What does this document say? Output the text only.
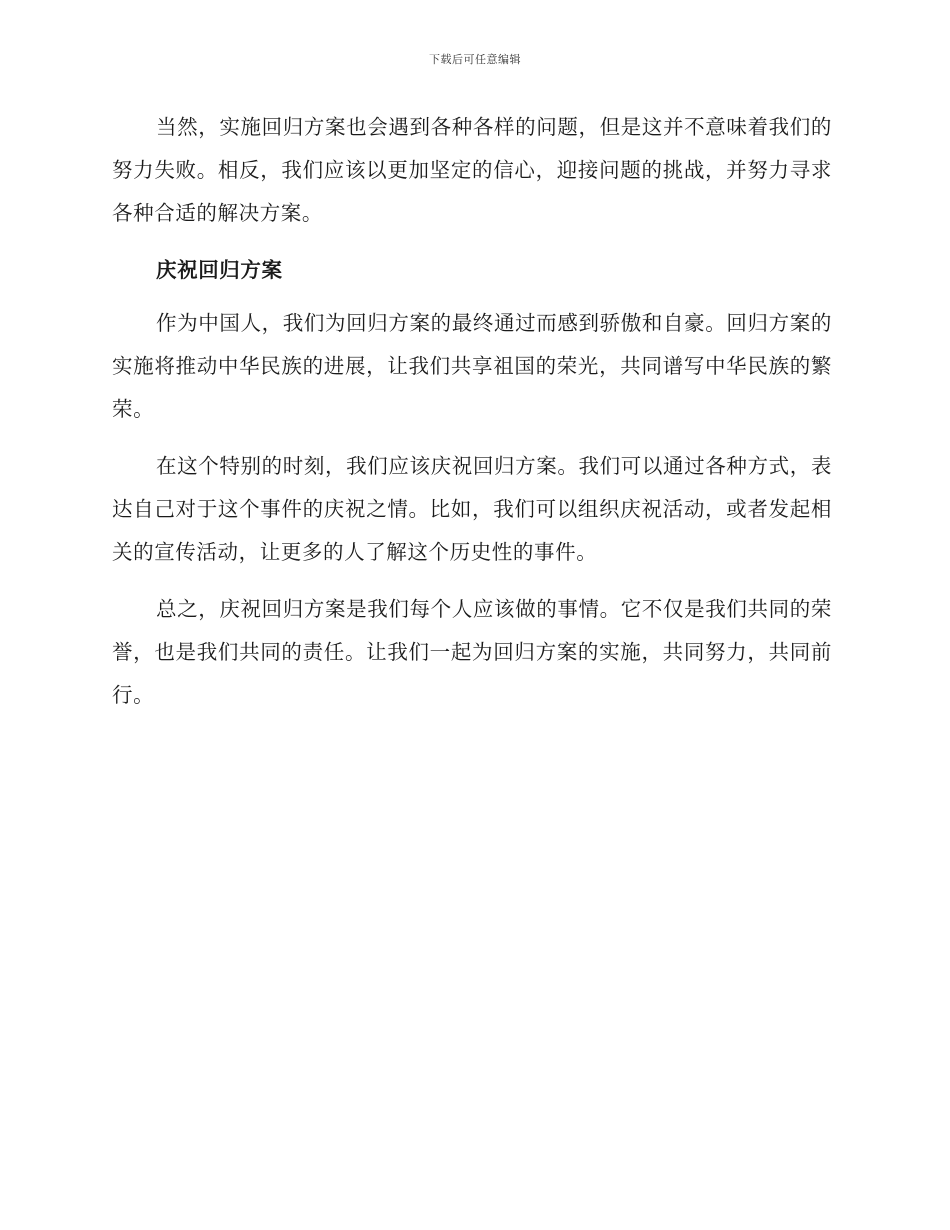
下载后可任意编辑

当然，实施回归方案也会遇到各种各样的问题，但是这并不意味着我们的努力失败。相反，我们应该以更加坚定的信心，迎接问题的挑战，并努力寻求各种合适的解决方案。

庆祝回归方案

作为中国人，我们为回归方案的最终通过而感到骄傲和自豪。回归方案的实施将推动中华民族的进展，让我们共享祖国的荣光，共同谱写中华民族的繁荣。

在这个特别的时刻，我们应该庆祝回归方案。我们可以通过各种方式，表达自己对于这个事件的庆祝之情。比如，我们可以组织庆祝活动，或者发起相关的宣传活动，让更多的人了解这个历史性的事件。

总之，庆祝回归方案是我们每个人应该做的事情。它不仅是我们共同的荣誉，也是我们共同的责任。让我们一起为回归方案的实施，共同努力，共同前行。
